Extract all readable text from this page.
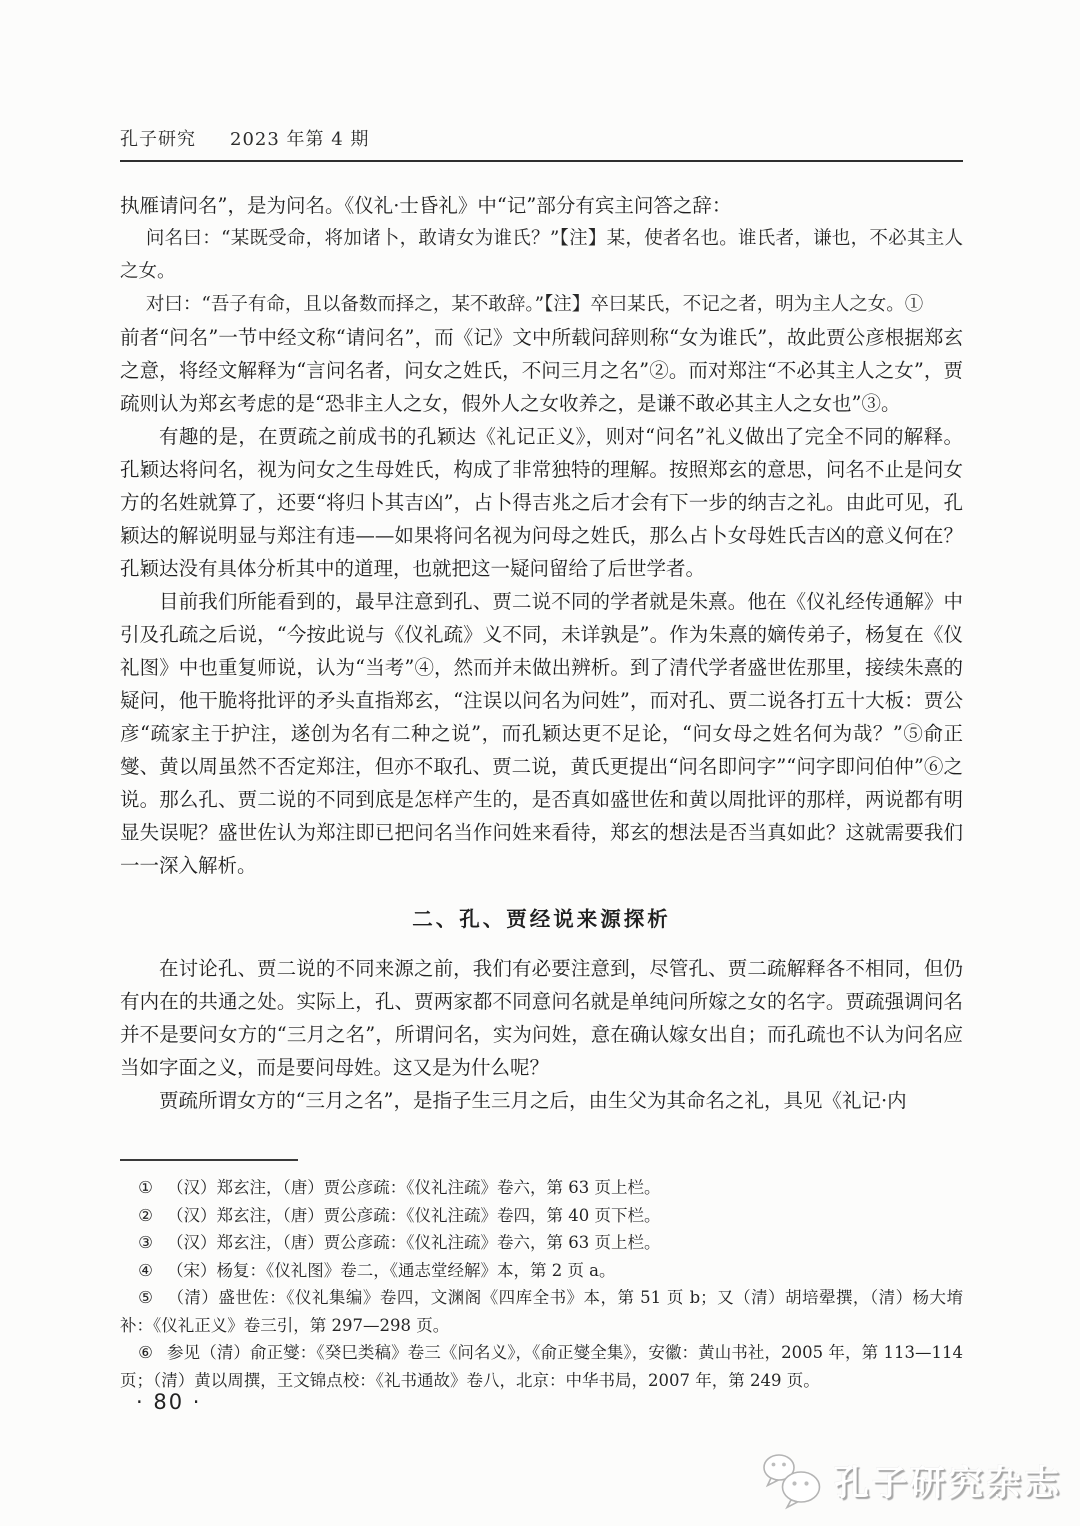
孔子研究 2023 年第 4 期

执雁请问名”，是为问名。《仪礼·士昏礼》中“记”部分有宾主问答之辞：

问名曰：“某既受命，将加诸卜，敢请女为谁氏？”【注】某，使者名也。谁氏者，谦也，不必其主人之女。

对曰：“吾子有命，且以备数而择之，某不敢辞。”【注】卒曰某氏，不记之者，明为主人之女。①

前者“问名”一节中经文称“请问名”，而《记》文中所载问辞则称“女为谁氏”，故此贾公彦根据郑玄之意，将经文解释为“言问名者，问女之姓氏，不问三月之名”②。而对郑注“不必其主人之女”，贾疏则认为郑玄考虑的是“恐非主人之女，假外人之女收养之，是谦不敢必其主人之女也”③。

有趣的是，在贾疏之前成书的孔颖达《礼记正义》，则对“问名”礼义做出了完全不同的解释。孔颖达将问名，视为问女之生母姓氏，构成了非常独特的理解。按照郑玄的意思，问名不止是问女方的名姓就算了，还要“将归卜其吉凶”，占卜得吉兆之后才会有下一步的纳吉之礼。由此可见，孔颖达的解说明显与郑注有违——如果将问名视为问母之姓氏，那么占卜女母姓氏吉凶的意义何在？孔颖达没有具体分析其中的道理，也就把这一疑问留给了后世学者。

目前我们所能看到的，最早注意到孔、贾二说不同的学者就是朱熹。他在《仪礼经传通解》中引及孔疏之后说，“今按此说与《仪礼疏》义不同，未详孰是”。作为朱熹的嫡传弟子，杨复在《仪礼图》中也重复师说，认为“当考”④，然而并未做出辨析。到了清代学者盛世佐那里，接续朱熹的疑问，他干脆将批评的矛头直指郑玄，“注误以问名为问姓”，而对孔、贾二说各打五十大板：贾公彦“疏家主于护注，遂创为名有二种之说”，而孔颖达更不足论，“问女母之姓名何为哉？”⑤俞正燮、黄以周虽然不否定郑注，但亦不取孔、贾二说，黄氏更提出“问名即问字”“问字即问伯仲”⑥之说。那么孔、贾二说的不同到底是怎样产生的，是否真如盛世佐和黄以周批评的那样，两说都有明显失误呢？盛世佐认为郑注即已把问名当作问姓来看待，郑玄的想法是否当真如此？这就需要我们一一深入解析。

二、孔、贾经说来源探析

在讨论孔、贾二说的不同来源之前，我们有必要注意到，尽管孔、贾二疏解释各不相同，但仍有内在的共通之处。实际上，孔、贾两家都不同意问名就是单纯问所嫁之女的名字。贾疏强调问名并不是要问女方的“三月之名”，所谓问名，实为问姓，意在确认嫁女出自；而孔疏也不认为问名应当如字面之义，而是要问母姓。这又是为什么呢？

贾疏所谓女方的“三月之名”，是指子生三月之后，由生父为其命名之礼，具见《礼记·内

① （汉）郑玄注，（唐）贾公彦疏：《仪礼注疏》卷六，第 63 页上栏。

② （汉）郑玄注，（唐）贾公彦疏：《仪礼注疏》卷四，第 40 页下栏。

③ （汉）郑玄注，（唐）贾公彦疏：《仪礼注疏》卷六，第 63 页上栏。

④ （宋）杨复：《仪礼图》卷二，《通志堂经解》本，第 2 页 a。

⑤ （清）盛世佐：《仪礼集编》卷四，文渊阁《四库全书》本，第 51 页 b；又（清）胡培翚撰，（清）杨大堉补：《仪礼正义》卷三引，第 297—298 页。

⑥ 参见（清）俞正燮：《癸巳类稿》卷三《问名义》，《俞正燮全集》，安徽：黄山书社，2005 年，第 113—114 页；（清）黄以周撰，王文锦点校：《礼书通故》卷八，北京：中华书局，2007 年，第 249 页。

· 80 ·
孔子研究杂志
